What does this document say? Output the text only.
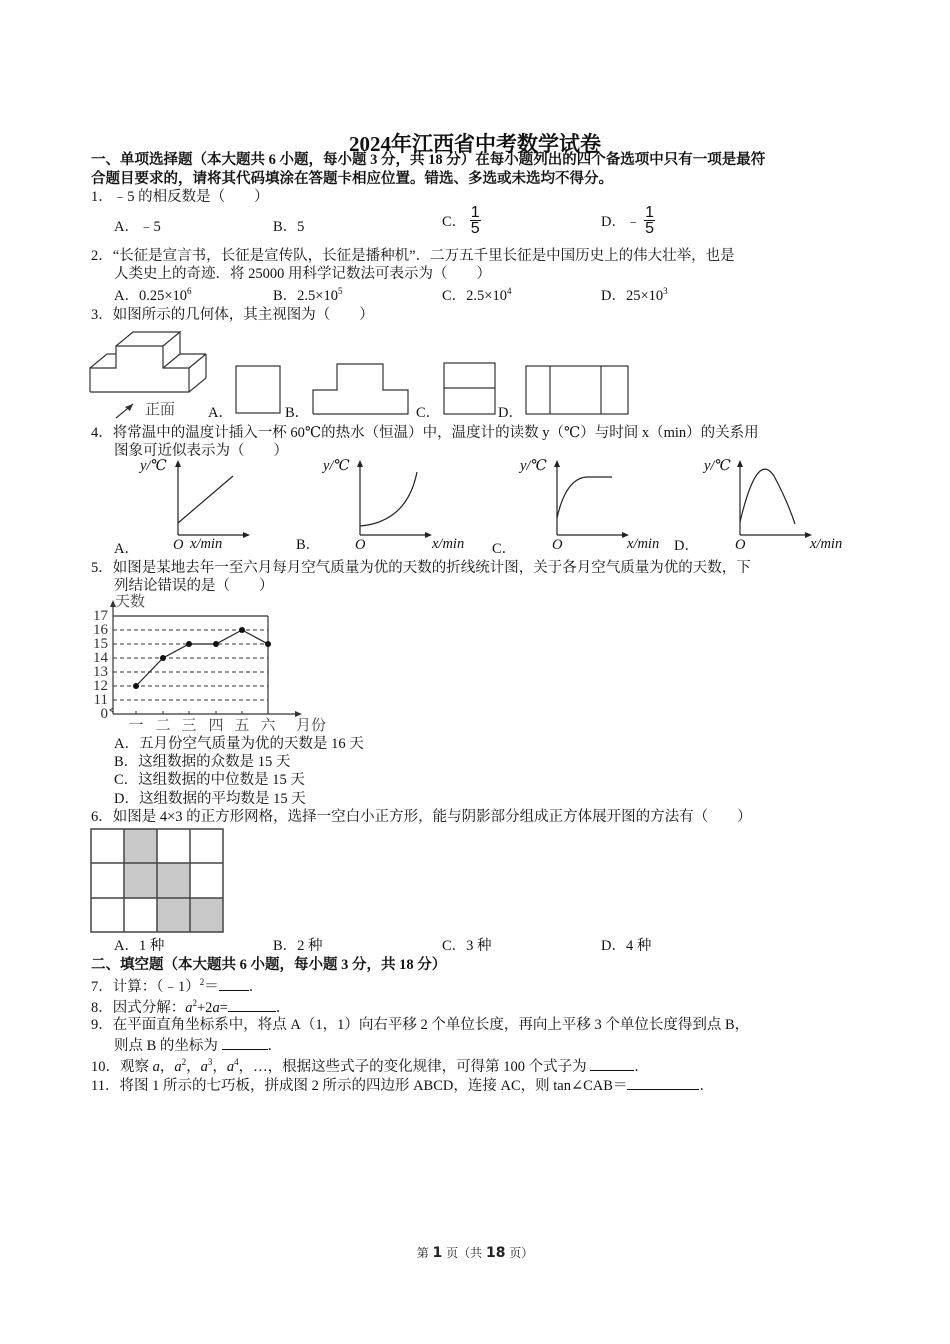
2024年江西省中考数学试卷
一、单项选择题（本大题共 6 小题，每小题 3 分，共 18 分）在每小题列出的四个备选项中只有一项是最符
合题目要求的，请将其代码填涂在答题卡相应位置。错选、多选或未选均不得分。
1．﹣5 的相反数是（　　）
A．﹣5	B．5	C． $\frac{1}{5}$	D．﹣ $\frac{1}{5}$
2．“长征是宣言书，长征是宣传队，长征是播种机”．二万五千里长征是中国历史上的伟大壮举，也是
人类史上的奇迹．将 25000 用科学记数法可表示为（　　）
A．$0.25\times 10^6$	B．$2.5\times 10^5$	C．$2.5\times 10^4$	D．$25\times 10^3$
3．如图所示的几何体，其主视图为（　　）
正面 A．	B．	C．	D．
4．将常温中的温度计插入一杯 60℃的热水（恒温）中，温度计的读数 y（℃）与时间 x（min）的关系用
图象可近似表示为（　　）
A．
y/℃
O x/min	B．
y/℃
O	x/min C．
y/℃
O	x/min D．
y/℃
O	x/min
5．如图是某地去年一至六月每月空气质量为优的天数的折线统计图，关于各月空气质量为优的天数，下
列结论错误的是（　　）
天数
月份
17
16
15
14
13
12
11
0
一 二 三 四 五 六
A．五月份空气质量为优的天数是 16 天
B．这组数据的众数是 15 天
C．这组数据的中位数是 15 天
D．这组数据的平均数是 15 天
6．如图是 4×3 的正方形网格，选择一空白小正方形，能与阴影部分组成正方体展开图的方法有（　　）
A．1 种	B．2 种	C．3 种	D．4 种
二、填空题（本大题共 6 小题，每小题 3 分，共 18 分）
7．计算：（﹣1）$^2$＝ ．
8．因式分解：$a^2+2a=$	．
9．在平面直角坐标系中，将点 A（1，1）向右平移 2 个单位长度，再向上平移 3 个单位长度得到点 B，
则点 B 的坐标为	．
10．观察 a，$a^2$，$a^3$，$a^4$，…，根据这些式子的变化规律，可得第 100 个式子为	．
11．将图 1 所示的七巧板，拼成图 2 所示的四边形 ABCD，连接 AC，则 tan∠CAB＝	．
第 1 页（共 18 页）
